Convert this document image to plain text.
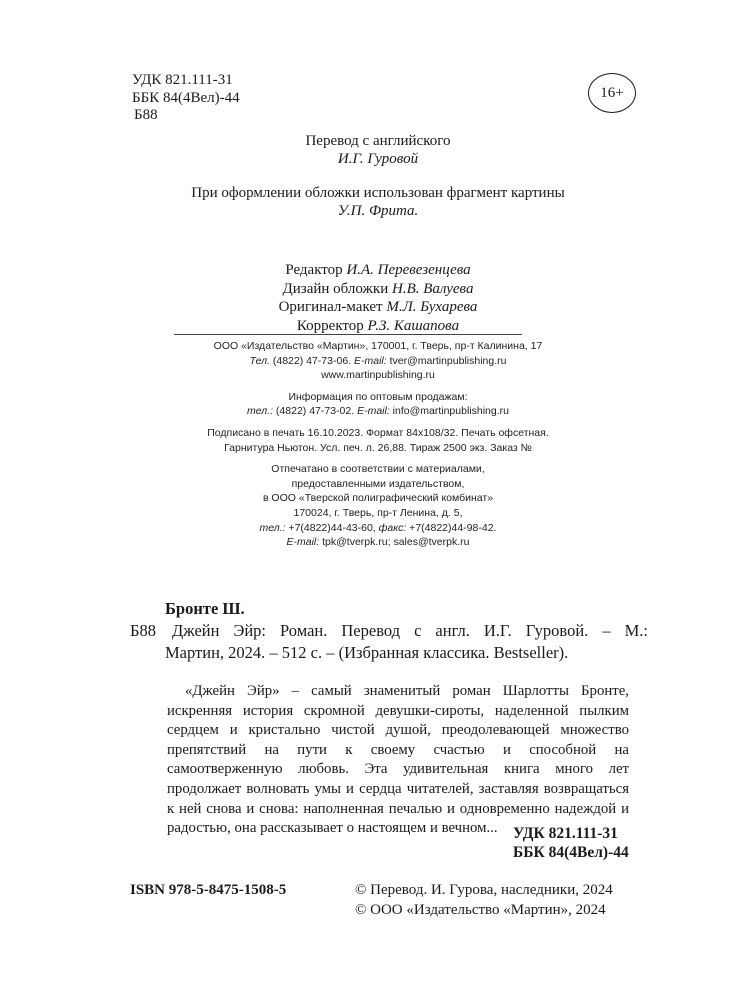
УДК 821.111-31
ББК 84(4Вел)-44
Б88
16+
Перевод с английского
И.Г. Гуровой
При оформлении обложки использован фрагмент картины
У.П. Фрита.
Редактор И.А. Перевезенцева
Дизайн обложки Н.В. Валуева
Оригинал-макет М.Л. Бухарева
Корректор Р.З. Кашапова
ООО «Издательство «Мартин», 170001, г. Тверь, пр-т Калинина, 17
Тел. (4822) 47-73-06. E-mail: tver@martinpublishing.ru
www.martinpublishing.ru
Информация по оптовым продажам:
тел.: (4822) 47-73-02. E-mail: info@martinpublishing.ru
Подписано в печать 16.10.2023. Формат 84х108/32. Печать офсетная.
Гарнитура Ньютон. Усл. печ. л. 26,88. Тираж 2500 экз. Заказ №
Отпечатано в соответствии с материалами,
предоставленными издательством,
в ООО «Тверской полиграфический комбинат»
170024, г. Тверь, пр-т Ленина, д. 5,
тел.: +7(4822)44-43-60, факс: +7(4822)44-98-42.
E-mail: tpk@tverpk.ru; sales@tverpk.ru
Бронте Ш.
Б88 Джейн Эйр: Роман. Перевод с англ. И.Г. Гуровой. – М.:
Мартин, 2024. – 512 с. – (Избранная классика. Bestseller).
«Джейн Эйр» – самый знаменитый роман Шарлотты Бронте, искренняя история скромной девушки-сироты, наделенной пылким сердцем и кристально чистой душой, преодолевающей множество препятствий на пути к своему счастью и способной на самоотверженную любовь. Эта удивительная книга много лет продолжает волновать умы и сердца читателей, заставляя возвращаться к ней снова и снова: наполненная печалью и одновременно надеждой и радостью, она рассказывает о настоящем и вечном... УДК 821.111-31
ББК 84(4Вел)-44
ISBN 978-5-8475-1508-5	© Перевод. И. Гурова, наследники, 2024
© ООО «Издательство «Мартин», 2024
